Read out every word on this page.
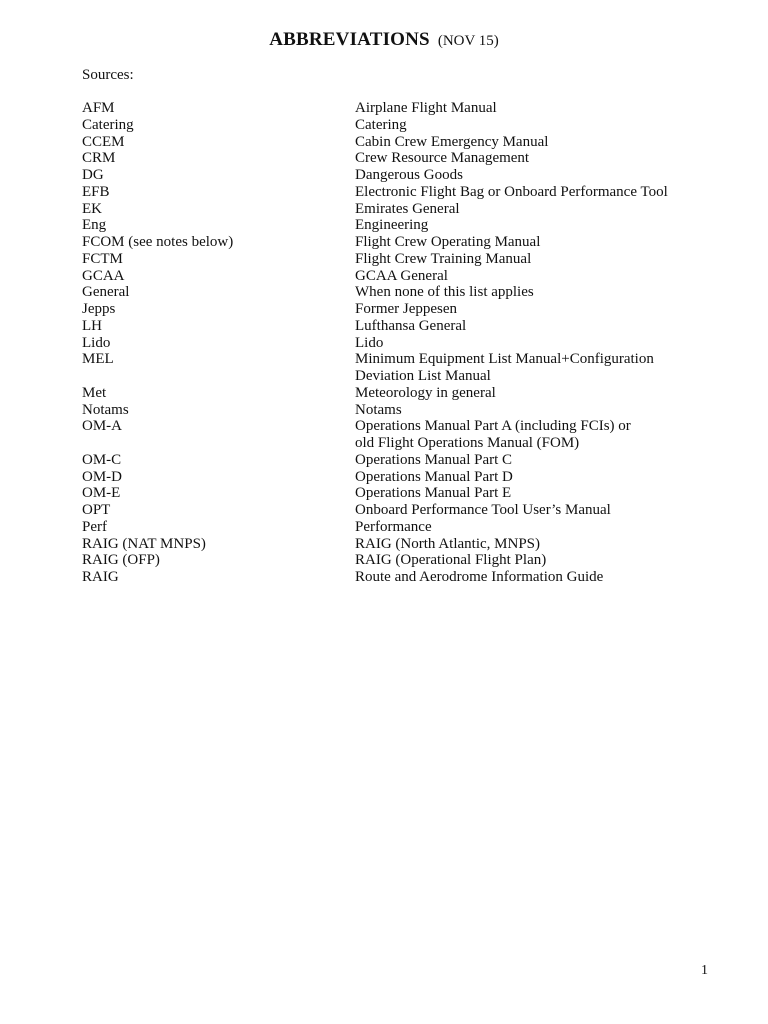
ABBREVIATIONS (NOV 15)
Sources:
AFM	Airplane Flight Manual
Catering	Catering
CCEM	Cabin Crew Emergency Manual
CRM	Crew Resource Management
DG	Dangerous Goods
EFB	Electronic Flight Bag or Onboard Performance Tool
EK	Emirates General
Eng	Engineering
FCOM (see notes below)	Flight Crew Operating Manual
FCTM	Flight Crew Training Manual
GCAA	GCAA General
General	When none of this list applies
Jepps	Former Jeppesen
LH	Lufthansa General
Lido	Lido
MEL	Minimum Equipment List Manual+Configuration
Deviation List Manual
Met	Meteorology in general
Notams	Notams
OM-A	Operations Manual Part A (including FCIs) or
old Flight Operations Manual (FOM)
OM-C	Operations Manual Part C
OM-D	Operations Manual Part D
OM-E	Operations Manual Part E
OPT	Onboard Performance Tool User’s Manual
Perf	Performance
RAIG (NAT MNPS)	RAIG (North Atlantic, MNPS)
RAIG (OFP)	RAIG (Operational Flight Plan)
RAIG	Route and Aerodrome Information Guide
1
